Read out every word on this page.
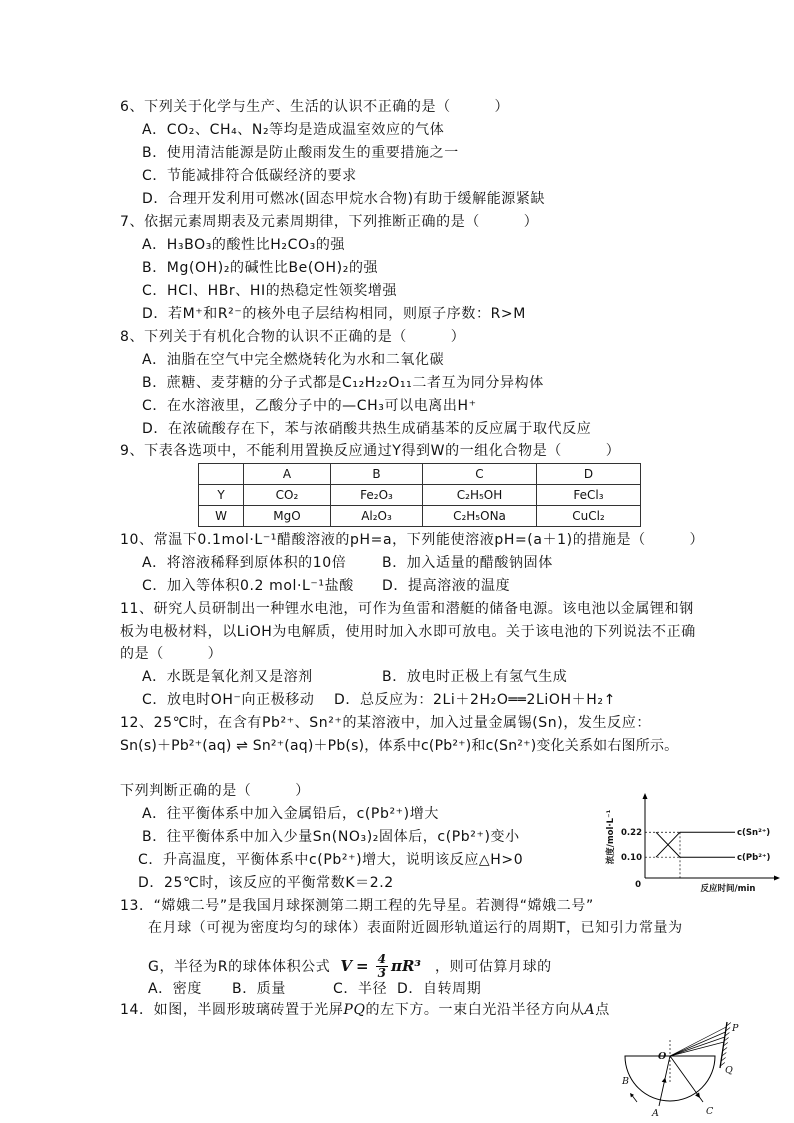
6、下列关于化学与生产、生活的认识不正确的是（　　　）
A．CO₂、CH₄、N₂等均是造成温室效应的气体
B．使用清洁能源是防止酸雨发生的重要措施之一
C．节能减排符合低碳经济的要求
D．合理开发利用可燃冰(固态甲烷水合物)有助于缓解能源紧缺
7、依据元素周期表及元素周期律，下列推断正确的是（　　　）
A．H₃BO₃的酸性比H₂CO₃的强
B．Mg(OH)₂的碱性比Be(OH)₂的强
C．HCl、HBr、HI的热稳定性领奖增强
D．若M⁺和R²⁻的核外电子层结构相同，则原子序数：R>M
8、下列关于有机化合物的认识不正确的是（　　　）
A．油脂在空气中完全燃烧转化为水和二氧化碳
B．蔗糖、麦芽糖的分子式都是C₁₂H₂₂O₁₁二者互为同分异构体
C．在水溶液里，乙酸分子中的—CH₃可以电离出H⁺
D．在浓硫酸存在下，苯与浓硝酸共热生成硝基苯的反应属于取代反应
9、下表各选项中，不能利用置换反应通过Y得到W的一组化合物是（　　　）
	A	B	C	D
Y	CO₂	Fe₂O₃	C₂H₅OH	FeCl₃
W	MgO	Al₂O₃	C₂H₅ONa	CuCl₂
10、常温下0.1mol·L⁻¹醋酸溶液的pH=a，下列能使溶液pH=(a＋1)的措施是（　　　）
A．将溶液稀释到原体积的10倍	B．加入适量的醋酸钠固体
C．加入等体积0.2 mol·L⁻¹盐酸 D．提高溶液的温度
11、研究人员研制出一种锂水电池，可作为鱼雷和潜艇的储备电源。该电池以金属锂和钢
板为电极材料，以LiOH为电解质，使用时加入水即可放电。关于该电池的下列说法不正确
的是（　　　）
A．水既是氧化剂又是溶剂	B．放电时正极上有氢气生成
C．放电时OH⁻向正极移动 D．总反应为：2Li＋2H₂O══2LiOH＋H₂↑
12、25℃时，在含有Pb²⁺、Sn²⁺的某溶液中，加入过量金属锡(Sn)，发生反应：
Sn(s)＋Pb²⁺(aq) ⇌ Sn²⁺(aq)＋Pb(s)，体系中c(Pb²⁺)和c(Sn²⁺)变化关系如右图所示。
下列判断正确的是（　　　）
A．往平衡体系中加入金属铅后，c(Pb²⁺)增大
B．往平衡体系中加入少量Sn(NO₃)₂固体后，c(Pb²⁺)变小
C．升高温度，平衡体系中c(Pb²⁺)增大，说明该反应△H>0
D．25℃时，该反应的平衡常数K＝2.2
浓度/mol·L⁻¹
反应时间/min
0
0.22
0.10
c(Sn²⁺)
c(Pb²⁺)
13．“嫦娥二号”是我国月球探测第二期工程的先导星。若测得“嫦娥二号”
在月球（可视为密度均匀的球体）表面附近圆形轨道运行的周期T，已知引力常量为
G，半径为R的球体体积公式 $V = \frac{4}{3} \pi R^3$ ，则可估算月球的
A．密度 B．质量	C．半径 D．自转周期
14．如图，半圆形玻璃砖置于光屏PQ的左下方。一束白光沿半径方向从A点
P
Q
O
B
A	C
